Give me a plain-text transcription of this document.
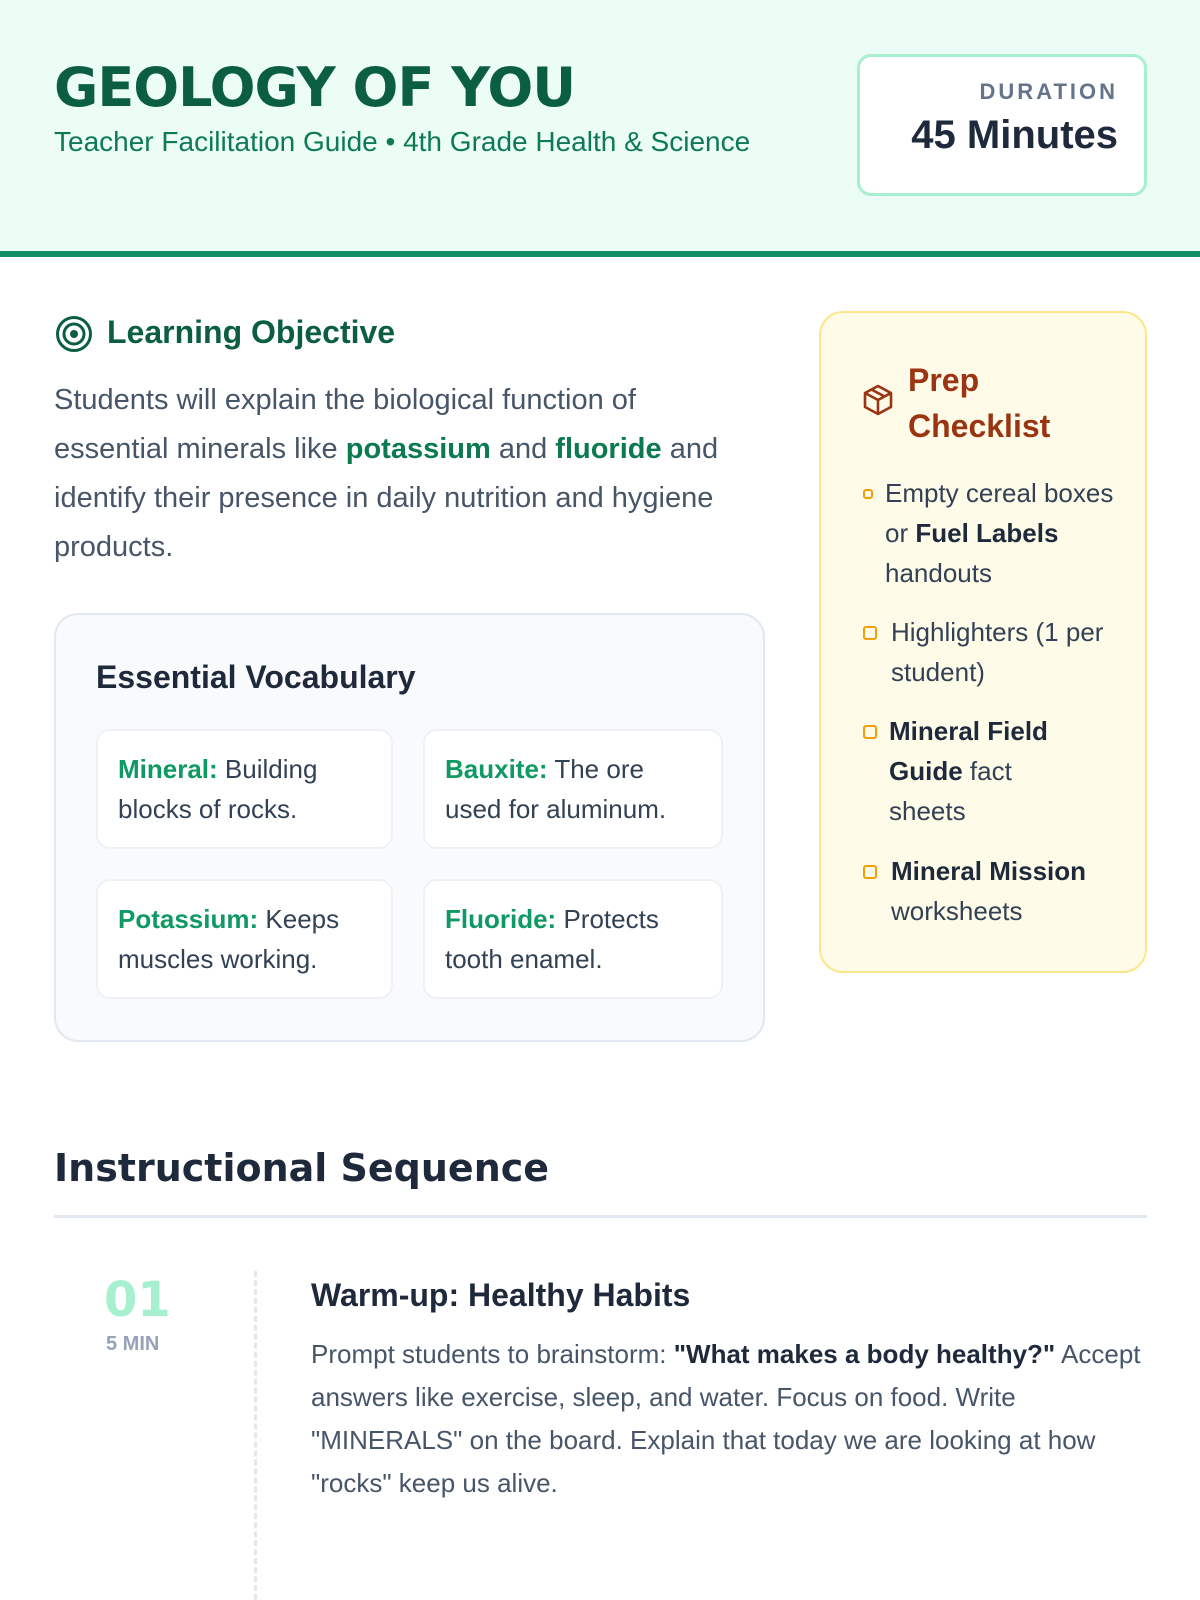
GEOLOGY OF YOU
Teacher Facilitation Guide • 4th Grade Health & Science
DURATION
45 Minutes
Learning Objective
Students will explain the biological function of essential minerals like potassium and fluoride and identify their presence in daily nutrition and hygiene products.
Essential Vocabulary
Mineral: Building blocks of rocks.
Bauxite: The ore used for aluminum.
Potassium: Keeps muscles working.
Fluoride: Protects tooth enamel.
Prep Checklist
Empty cereal boxes or Fuel Labels handouts
Highlighters (1 per student)
Mineral Field Guide fact sheets
Mineral Mission worksheets
Instructional Sequence
01
5 MIN
Warm-up: Healthy Habits
Prompt students to brainstorm: "What makes a body healthy?" Accept answers like exercise, sleep, and water. Focus on food. Write "MINERALS" on the board. Explain that today we are looking at how "rocks" keep us alive.
